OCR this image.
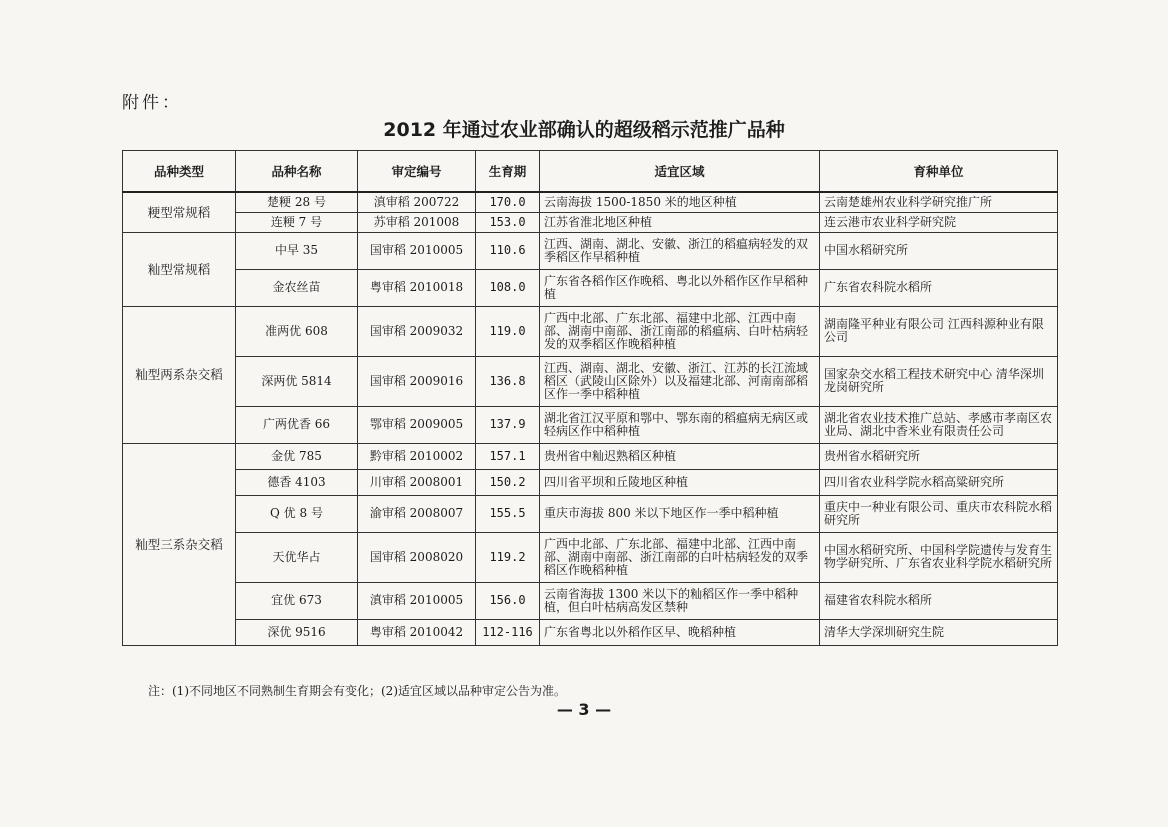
附件：
2012 年通过农业部确认的超级稻示范推广品种
品种类型	品种名称	审定编号	生育期	适宜区域	育种单位
粳型常规稻	楚粳 28 号	滇审稻 200722	170.0	云南海拔 1500-1850 米的地区种植	云南楚雄州农业科学研究推广所
	连粳 7 号	苏审稻 201008	153.0	江苏省淮北地区种植	连云港市农业科学研究院
籼型常规稻	中早 35	国审稻 2010005	110.6	江西、湖南、湖北、安徽、浙江的稻瘟病轻发的双季稻区作早稻种植	中国水稻研究所
	金农丝苗	粤审稻 2010018	108.0	广东省各稻作区作晚稻、粤北以外稻作区作早稻种植	广东省农科院水稻所
籼型两系杂交稻	准两优 608	国审稻 2009032	119.0	广西中北部、广东北部、福建中北部、江西中南部、湖南中南部、浙江南部的稻瘟病、白叶枯病轻发的双季稻区作晚稻种植	湖南隆平种业有限公司 江西科源种业有限公司
	深两优 5814	国审稻 2009016	136.8	江西、湖南、湖北、安徽、浙江、江苏的长江流域稻区（武陵山区除外）以及福建北部、河南南部稻区作一季中稻种植	国家杂交水稻工程技术研究中心 清华深圳龙岗研究所
	广两优香 66	鄂审稻 2009005	137.9	湖北省江汉平原和鄂中、鄂东南的稻瘟病无病区或轻病区作中稻种植	湖北省农业技术推广总站、孝感市孝南区农业局、湖北中香米业有限责任公司
籼型三系杂交稻	金优 785	黔审稻 2010002	157.1	贵州省中籼迟熟稻区种植	贵州省水稻研究所
	德香 4103	川审稻 2008001	150.2	四川省平坝和丘陵地区种植	四川省农业科学院水稻高粱研究所
	Q 优 8 号	渝审稻 2008007	155.5	重庆市海拔 800 米以下地区作一季中稻种植	重庆中一种业有限公司、重庆市农科院水稻研究所
	天优华占	国审稻 2008020	119.2	广西中北部、广东北部、福建中北部、江西中南部、湖南中南部、浙江南部的白叶枯病轻发的双季稻区作晚稻种植	中国水稻研究所、中国科学院遗传与发育生物学研究所、广东省农业科学院水稻研究所
	宜优 673	滇审稻 2010005	156.0	云南省海拔 1300 米以下的籼稻区作一季中稻种植，但白叶枯病高发区禁种	福建省农科院水稻所
	深优 9516	粤审稻 2010042	112-116	广东省粤北以外稻作区早、晚稻种植	清华大学深圳研究生院
注：(1)不同地区不同熟制生育期会有变化；(2)适宜区域以品种审定公告为准。
— 3 —
